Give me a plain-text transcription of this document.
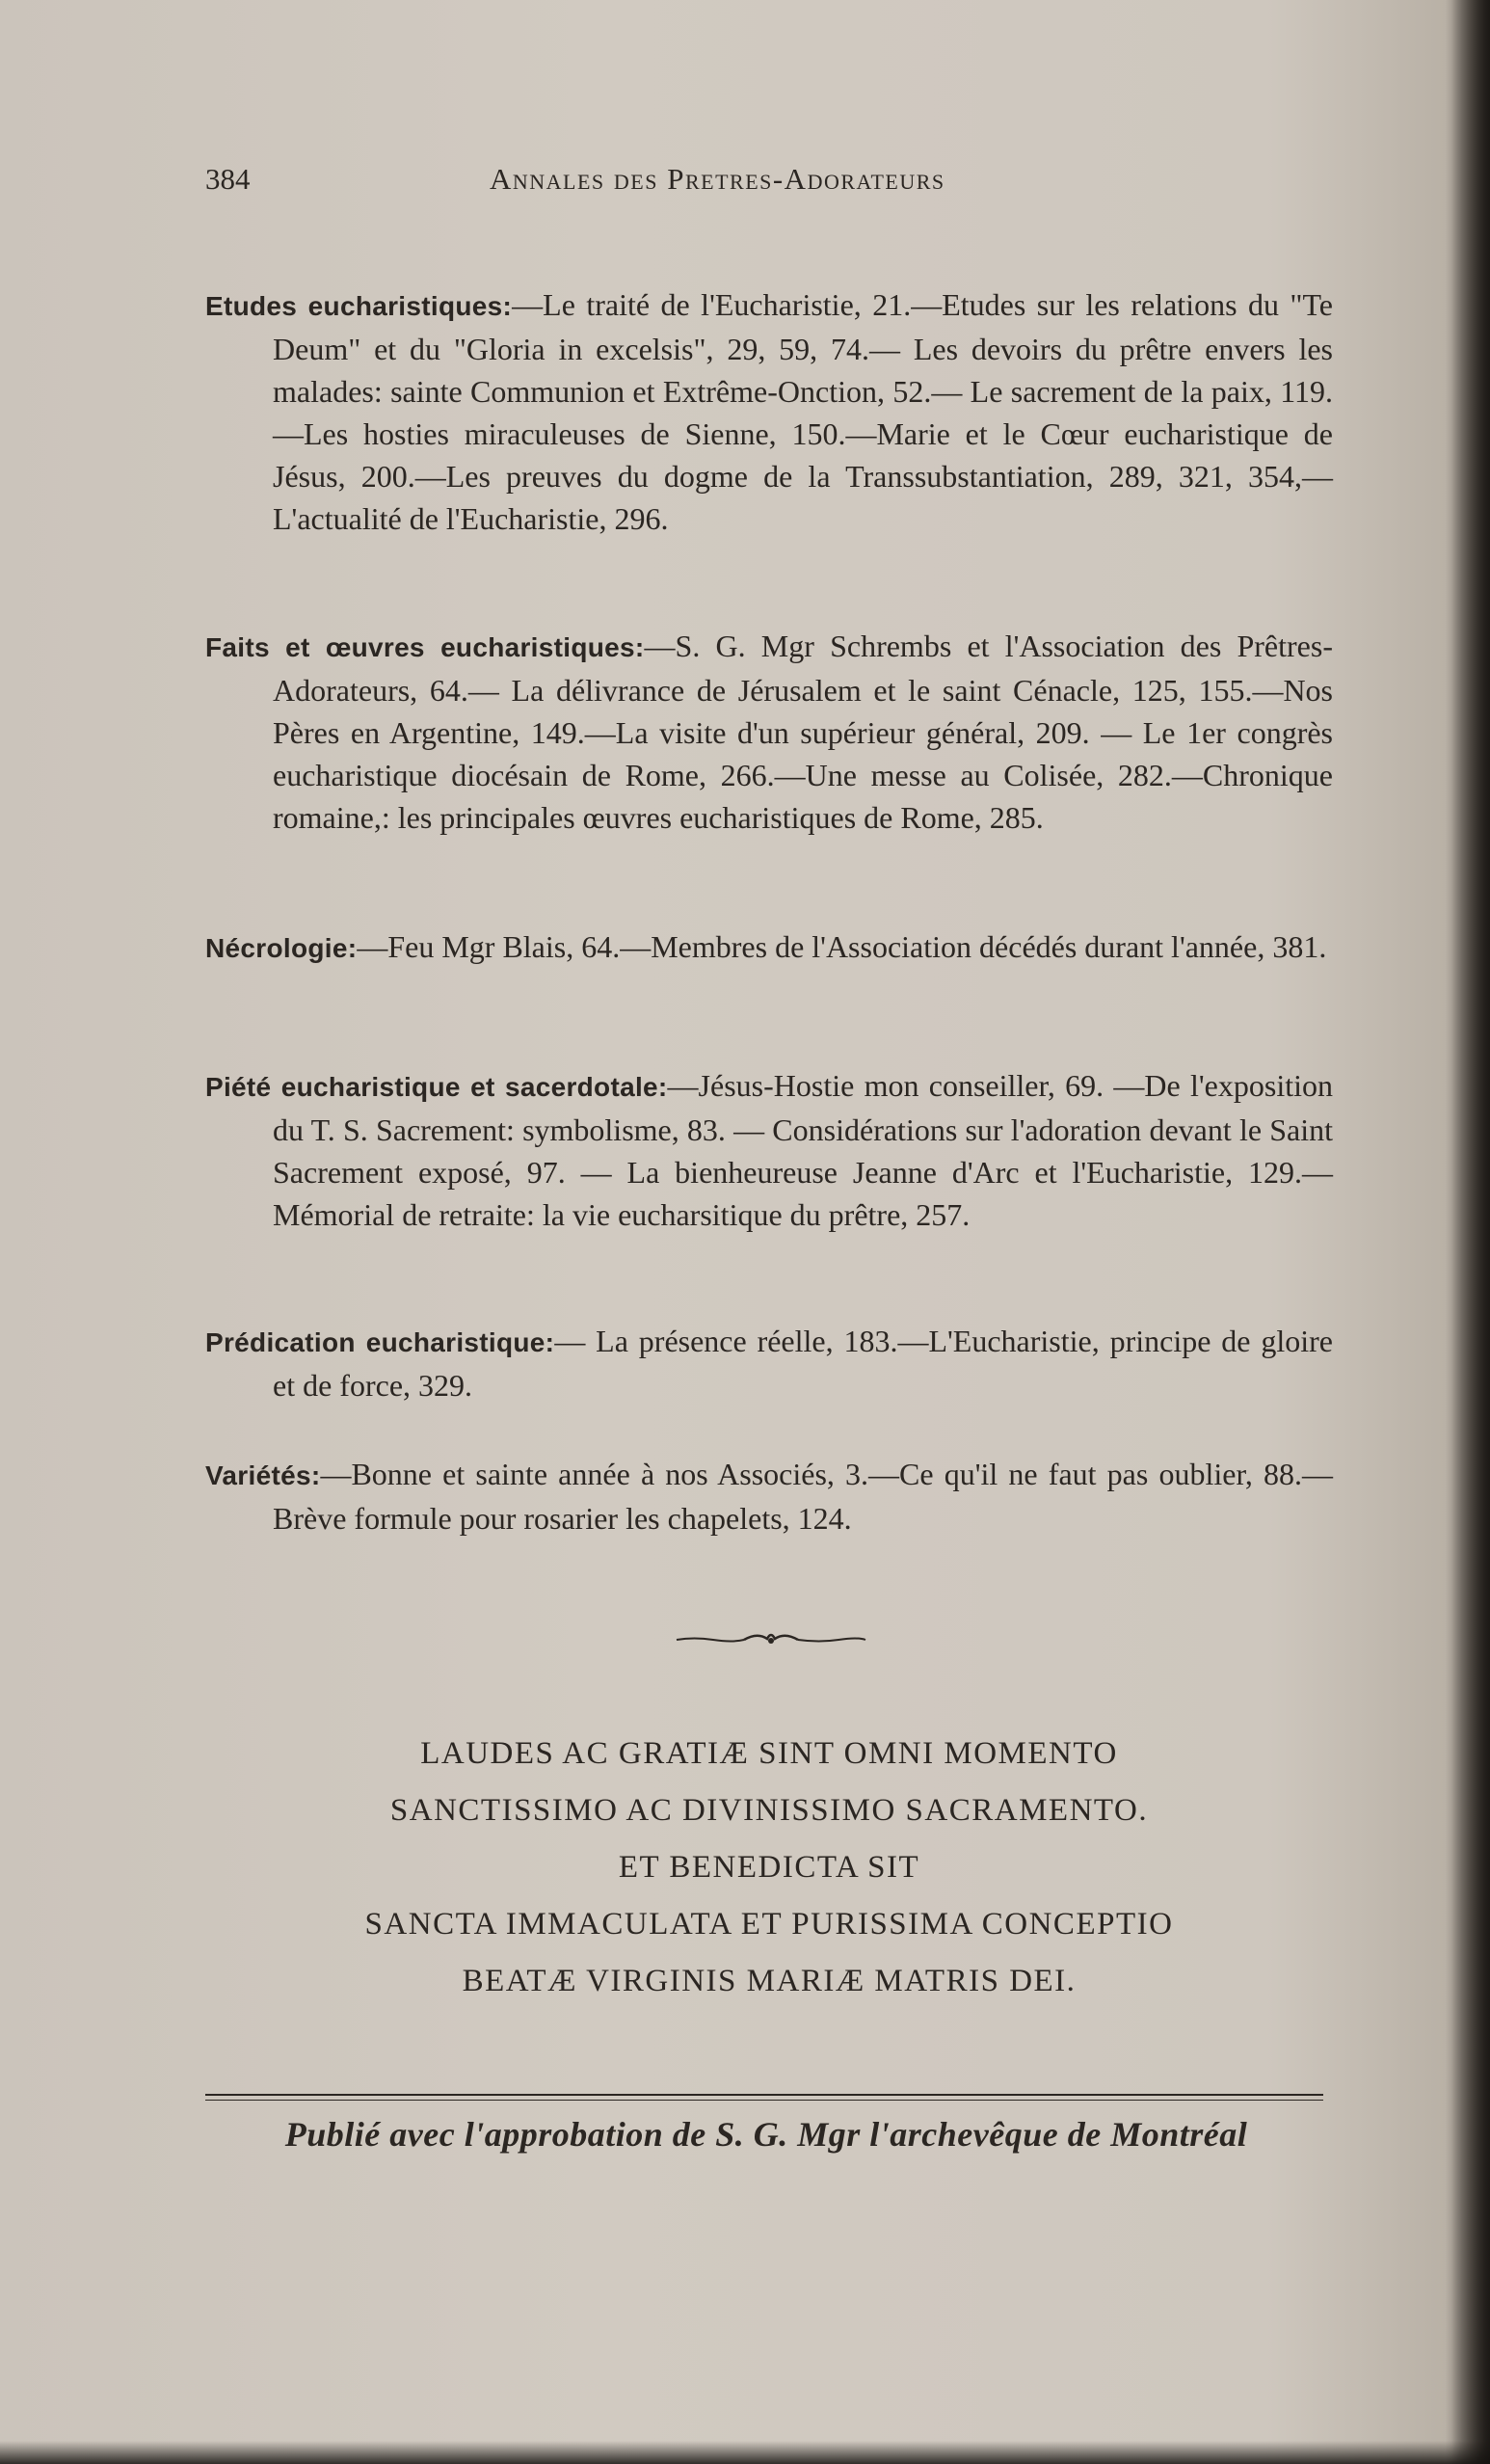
384	Annales des Pretres-Adorateurs

Etudes eucharistiques:—Le traité de l'Eucharistie, 21.—Etudes sur les relations du "Te Deum" et du "Gloria in excelsis", 29, 59, 74.— Les devoirs du prêtre envers les malades: sainte Communion et Extrême-Onction, 52.— Le sacrement de la paix, 119.—Les hosties miraculeuses de Sienne, 150.—Marie et le Cœur eucharistique de Jésus, 200.—Les preuves du dogme de la Transsubstantiation, 289, 321, 354,—L'actualité de l'Eucharistie, 296.

Faits et œuvres eucharistiques:—S. G. Mgr Schrembs et l'Association des Prêtres-Adorateurs, 64.— La délivrance de Jérusalem et le saint Cénacle, 125, 155.—Nos Pères en Argentine, 149.—La visite d'un supérieur général, 209. — Le 1er congrès eucharistique diocésain de Rome, 266.—Une messe au Colisée, 282.—Chronique romaine,: les principales œuvres eucharistiques de Rome, 285.

Nécrologie:—Feu Mgr Blais, 64.—Membres de l'Association décédés durant l'année, 381.

Piété eucharistique et sacerdotale:—Jésus-Hostie mon conseiller, 69. —De l'exposition du T. S. Sacrement: symbolisme, 83. — Considérations sur l'adoration devant le Saint Sacrement exposé, 97. — La bienheureuse Jeanne d'Arc et l'Eucharistie, 129.—Mémorial de retraite: la vie eucharsitique du prêtre, 257.

Prédication eucharistique:— La présence réelle, 183.—L'Eucharistie, principe de gloire et de force, 329.

Variétés:—Bonne et sainte année à nos Associés, 3.—Ce qu'il ne faut pas oublier, 88.—Brève formule pour rosarier les chapelets, 124.

LAUDES AC GRATIÆ SINT OMNI MOMENTO
SANCTISSIMO AC DIVINISSIMO SACRAMENTO.
ET BENEDICTA SIT
SANCTA IMMACULATA ET PURISSIMA CONCEPTIO
BEATÆ VIRGINIS MARIÆ MATRIS DEI.
Publié avec l'approbation de S. G. Mgr l'archevêque de Montréal
